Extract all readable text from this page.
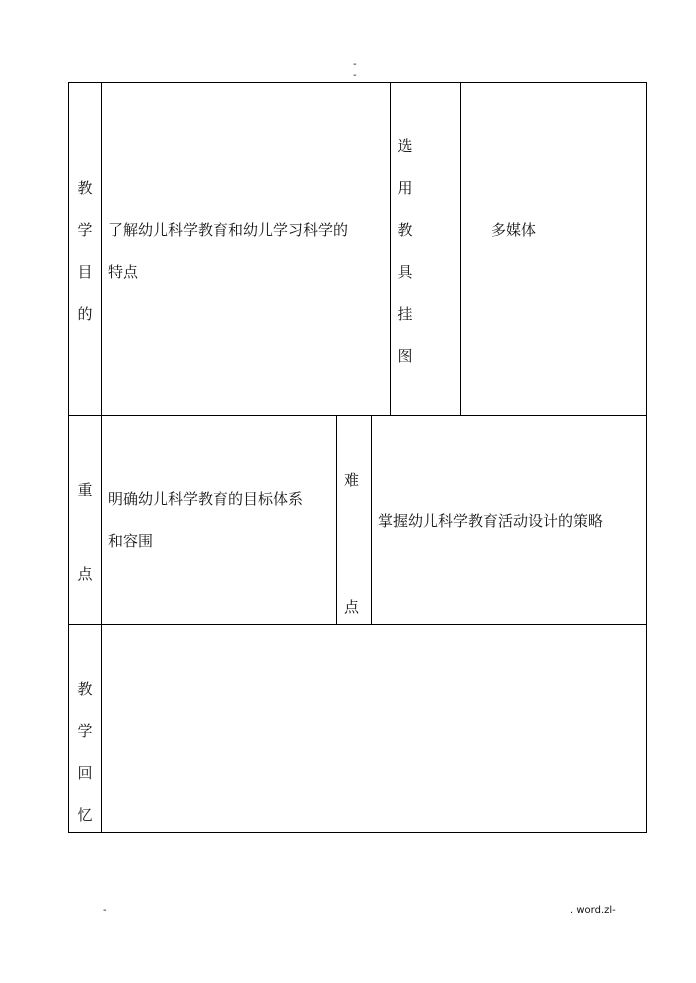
-
-
教
学
目
的
了解幼儿科学教育和幼儿学习科学的
特点
选
用
教
具
挂
图
多媒体
重
点
明确幼儿科学教育的目标体系
和容围
难
点
掌握幼儿科学教育活动设计的策略
教
学
回
忆
-	. word.zl-
